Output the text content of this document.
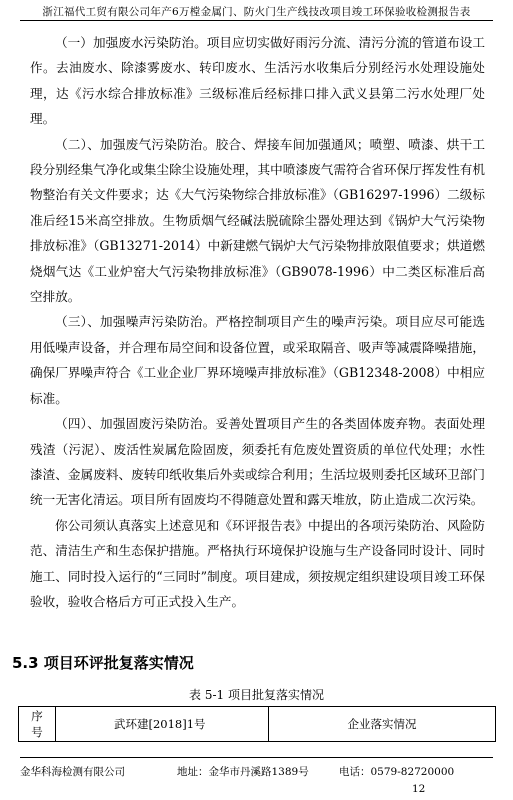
浙江福代工贸有限公司年产6万樘金属门、防火门生产线技改项目竣工环保验收检测报告表

（一）加强废水污染防治。项目应切实做好雨污分流、清污分流的管道布设工作。去油废水、除漆雾废水、转印废水、生活污水收集后分别经污水处理设施处理，达《污水综合排放标准》三级标准后经标排口排入武义县第二污水处理厂处理。

（二）、加强废气污染防治。胶合、焊接车间加强通风；喷塑、喷漆、烘干工段分别经集气净化或集尘除尘设施处理，其中喷漆废气需符合省环保厅挥发性有机物整治有关文件要求；达《大气污染物综合排放标准》（GB16297-1996）二级标准后经15米高空排放。生物质烟气经碱法脱硫除尘器处理达到《锅炉大气污染物排放标准》（GB13271-2014）中新建燃气锅炉大气污染物排放限值要求；烘道燃烧烟气达《工业炉窑大气污染物排放标准》（GB9078-1996）中二类区标准后高空排放。

（三）、加强噪声污染防治。严格控制项目产生的噪声污染。项目应尽可能选用低噪声设备，并合理布局空间和设备位置，或采取隔音、吸声等减震降噪措施，确保厂界噪声符合《工业企业厂界环境噪声排放标准》（GB12348-2008）中相应标准。

（四）、加强固废污染防治。妥善处置项目产生的各类固体废弃物。表面处理残渣（污泥）、废活性炭属危险固废，须委托有危废处置资质的单位代处理；水性漆渣、金属废料、废转印纸收集后外卖或综合利用；生活垃圾则委托区域环卫部门统一无害化清运。项目所有固废均不得随意处置和露天堆放，防止造成二次污染。

你公司须认真落实上述意见和《环评报告表》中提出的各项污染防治、风险防范、清洁生产和生态保护措施。严格执行环境保护设施与生产设备同时设计、同时施工、同时投入运行的“三同时”制度。项目建成，须按规定组织建设项目竣工环保验收，验收合格后方可正式投入生产。

5.3 项目环评批复落实情况
表 5-1 项目批复落实情况
序号	武环建[2018]1号	企业落实情况
金华科海检测有限公司	地址：金华市丹溪路1389号	电话：0579-82720000
12
